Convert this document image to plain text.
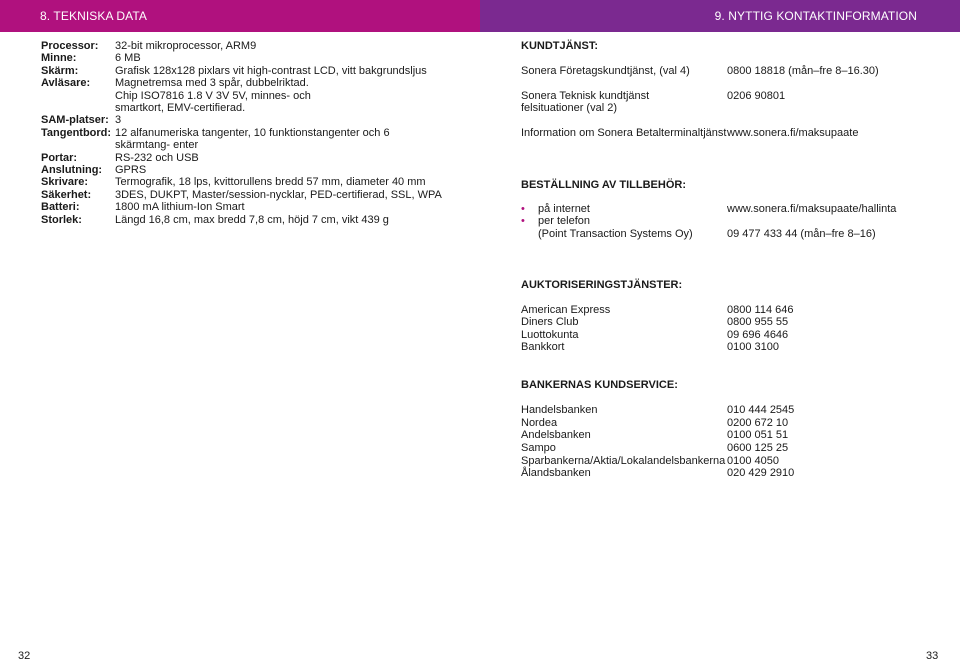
8. TEKNISKA DATA	9. NYTTIG KONTAKTINFORMATION
Processor:	32-bit mikroprocessor, ARM9
Minne:	6 MB
Skärm:	Grafisk 128x128 pixlars vit high-contrast LCD, vitt bakgrundsljus
Avläsare:	Magnetremsa med 3 spår, dubbelriktad. Chip ISO7816 1.8 V 3V 5V, minnes- och smartkort, EMV-certifierad.
SAM-platser: 3
Tangentbord: 12 alfanumeriska tangenter, 10 funktionstangenter och 6 skärmtang- enter
Portar:	RS-232 och USB
Anslutning:	GPRS
Skrivare:	Termografik, 18 lps, kvittorullens bredd 57 mm, diameter 40 mm
Säkerhet:	3DES, DUKPT, Master/session-nycklar, PED-certifierad, SSL, WPA
Batteri:	1800 mA lithium-Ion Smart
Storlek:	Längd 16,8 cm, max bredd 7,8 cm, höjd 7 cm, vikt 439 g
KUNDTJÄNST:
Sonera Företagskundtjänst, (val 4)	0800 18818 (mån–fre 8–16.30)
Sonera Teknisk kundtjänst	0206 90801
felsituationer (val 2)
Information om Sonera Betalterminaltjänst www.sonera.fi/maksupaate
BESTÄLLNING AV TILLBEHÖR:
• på internet	www.sonera.fi/maksupaate/hallinta
• per telefon
(Point Transaction Systems Oy)	09 477 433 44 (mån–fre 8–16)
AUKTORISERINGSTJÄNSTER:
American Express	0800 114 646
Diners Club	0800 955 55
Luottokunta	09 696 4646
Bankkort	0100 3100
BANKERNAS KUNDSERVICE:
Handelsbanken	010 444 2545
Nordea	0200 672 10
Andelsbanken	0100 051 51
Sampo	0600 125 25
Sparbankerna/Aktia/Lokalandelsbankerna 0100 4050
Ålandsbanken	020 429 2910
32	33
